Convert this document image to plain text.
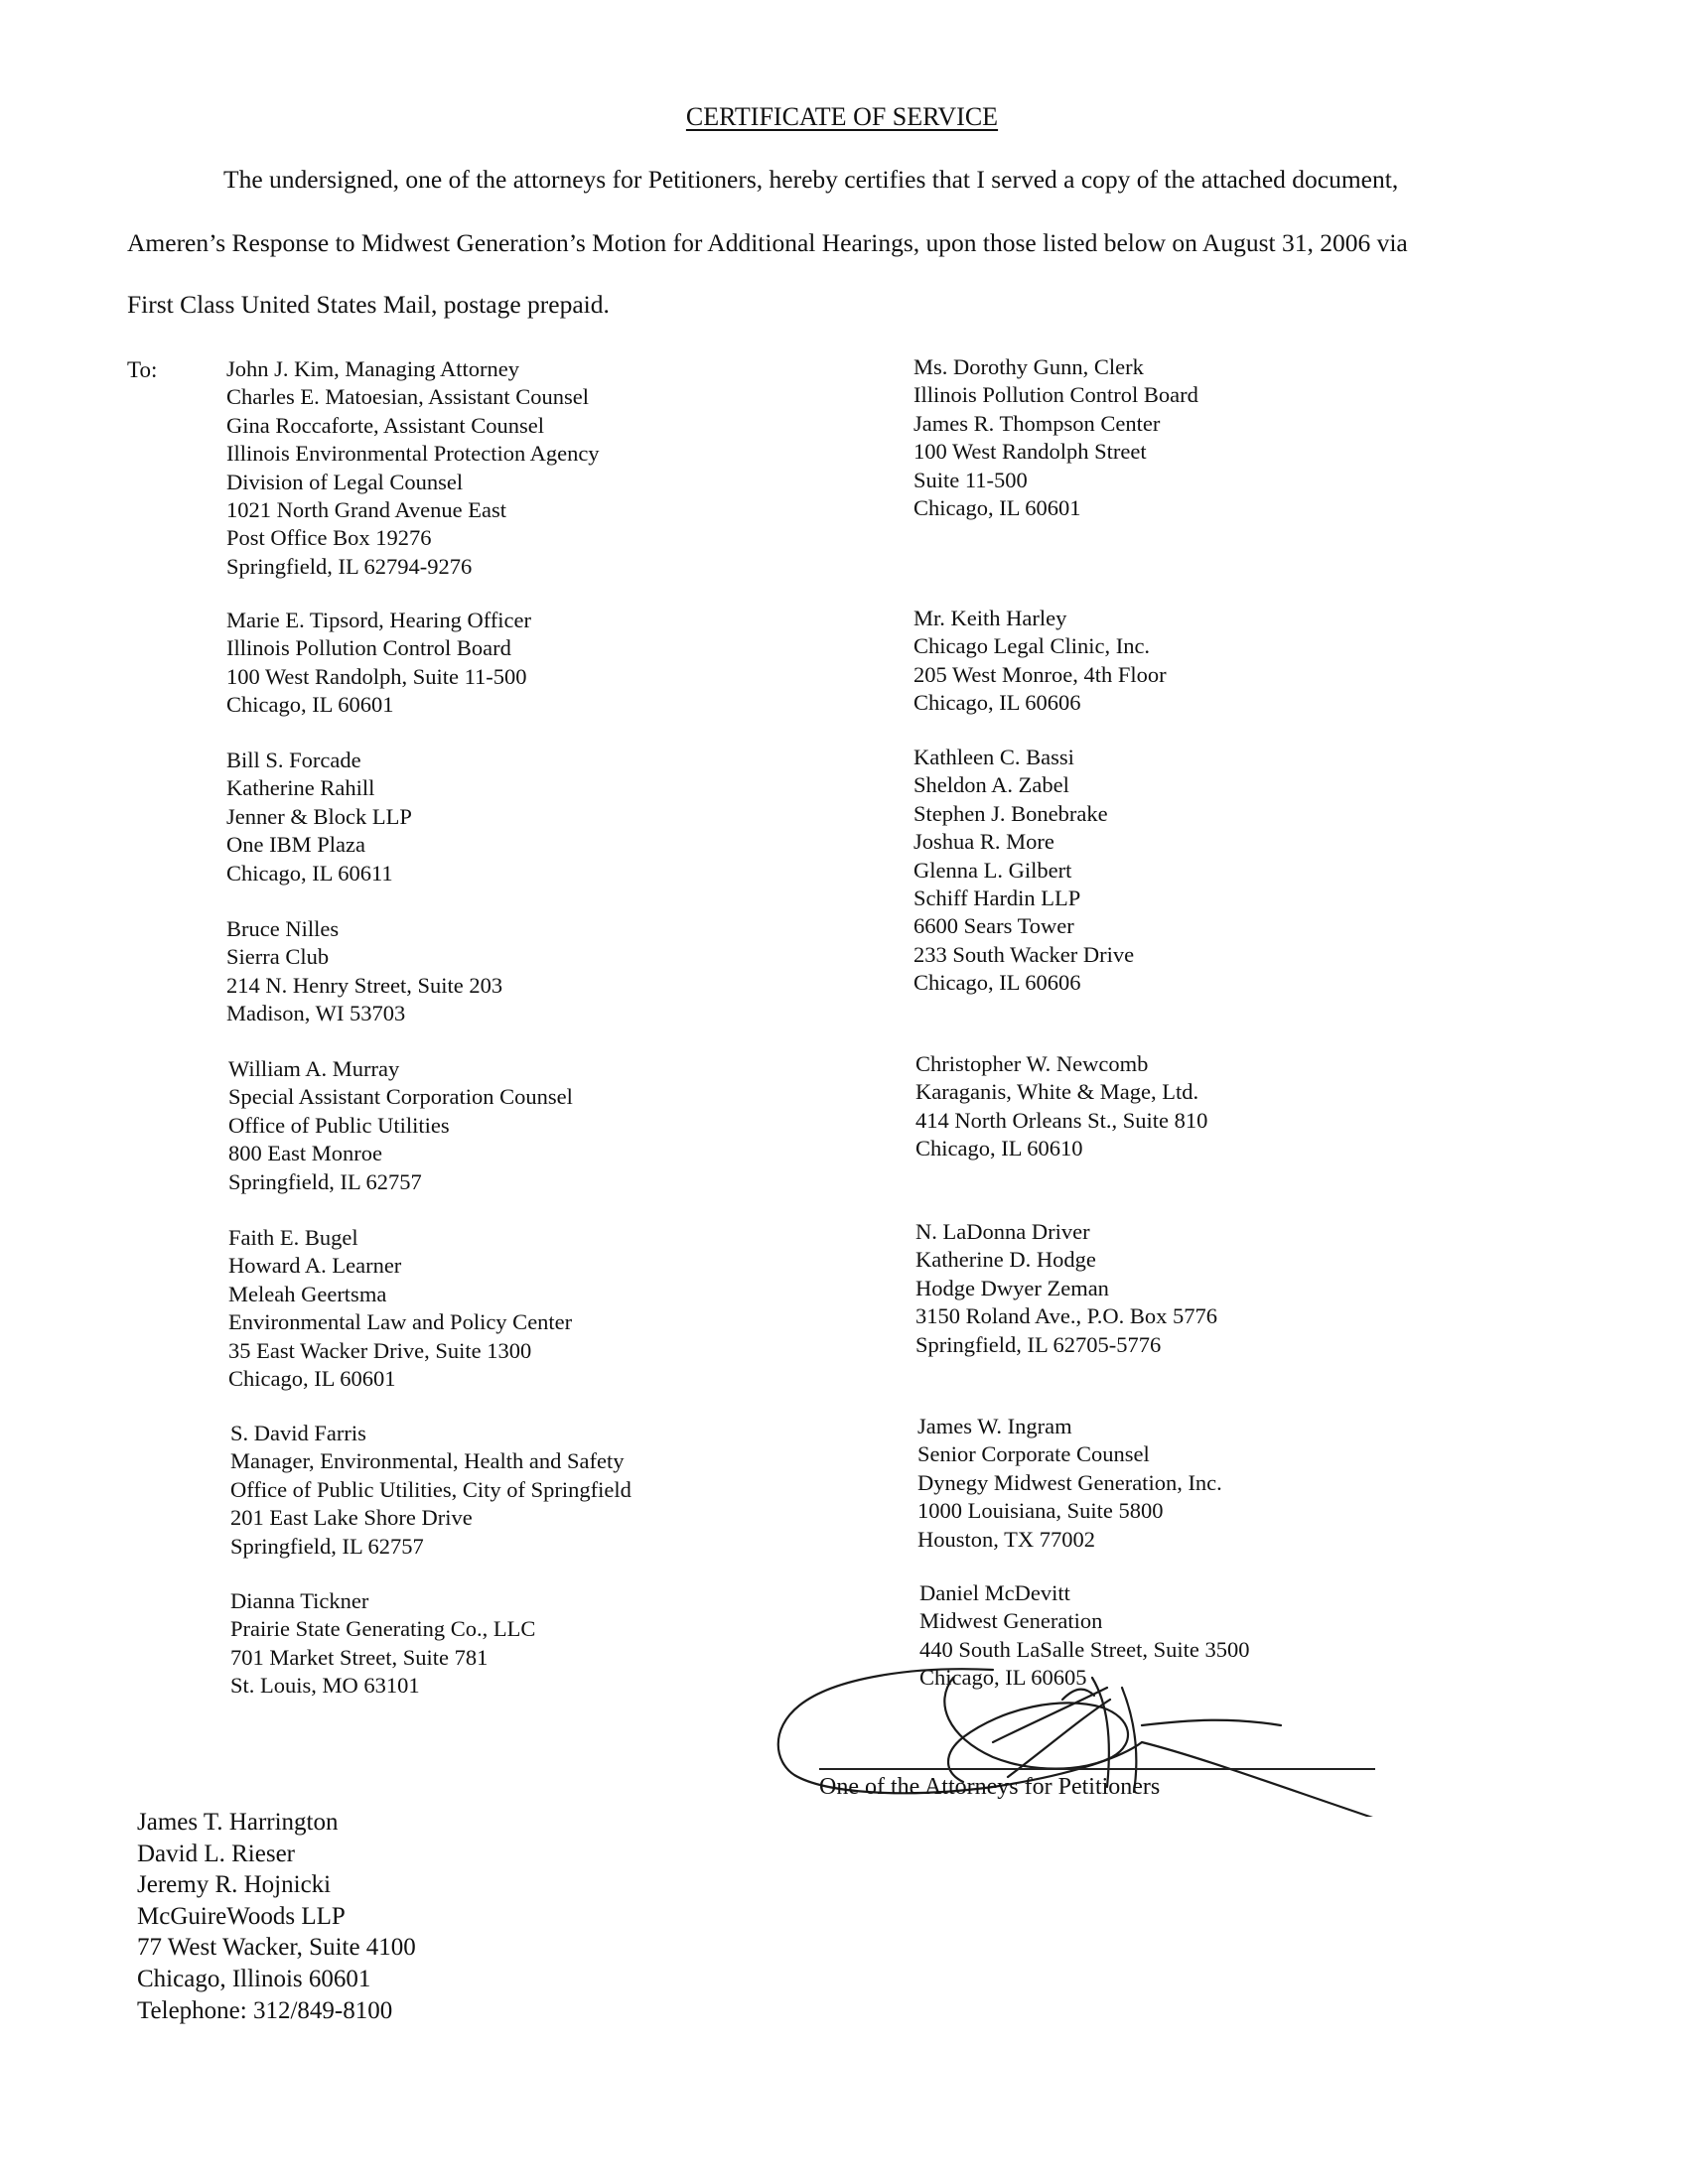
CERTIFICATE OF SERVICE
The undersigned, one of the attorneys for Petitioners, hereby certifies that I served a copy of the attached document,
Ameren’s Response to Midwest Generation’s Motion for Additional Hearings, upon those listed below on August 31, 2006 via
First Class United States Mail, postage prepaid.
To:	John J. Kim, Managing Attorney
Charles E. Matoesian, Assistant Counsel
Gina Roccaforte, Assistant Counsel
Illinois Environmental Protection Agency
Division of Legal Counsel
1021 North Grand Avenue East
Post Office Box 19276
Springfield, IL 62794-9276
Marie E. Tipsord, Hearing Officer
Illinois Pollution Control Board
100 West Randolph, Suite 11-500
Chicago, IL 60601
Bill S. Forcade
Katherine Rahill
Jenner & Block LLP
One IBM Plaza
Chicago, IL 60611
Bruce Nilles
Sierra Club
214 N. Henry Street, Suite 203
Madison, WI 53703
William A. Murray
Special Assistant Corporation Counsel
Office of Public Utilities
800 East Monroe
Springfield, IL 62757
Faith E. Bugel
Howard A. Learner
Meleah Geertsma
Environmental Law and Policy Center
35 East Wacker Drive, Suite 1300
Chicago, IL 60601
S. David Farris
Manager, Environmental, Health and Safety
Office of Public Utilities, City of Springfield
201 East Lake Shore Drive
Springfield, IL 62757
Dianna Tickner
Prairie State Generating Co., LLC
701 Market Street, Suite 781
St. Louis, MO 63101
Ms. Dorothy Gunn, Clerk
Illinois Pollution Control Board
James R. Thompson Center
100 West Randolph Street
Suite 11-500
Chicago, IL 60601
Mr. Keith Harley
Chicago Legal Clinic, Inc.
205 West Monroe, 4th Floor
Chicago, IL 60606
Kathleen C. Bassi
Sheldon A. Zabel
Stephen J. Bonebrake
Joshua R. More
Glenna L. Gilbert
Schiff Hardin LLP
6600 Sears Tower
233 South Wacker Drive
Chicago, IL 60606
Christopher W. Newcomb
Karaganis, White & Mage, Ltd.
414 North Orleans St., Suite 810
Chicago, IL 60610
N. LaDonna Driver
Katherine D. Hodge
Hodge Dwyer Zeman
3150 Roland Ave., P.O. Box 5776
Springfield, IL 62705-5776
James W. Ingram
Senior Corporate Counsel
Dynegy Midwest Generation, Inc.
1000 Louisiana, Suite 5800
Houston, TX 77002
Daniel McDevitt
Midwest Generation
440 South LaSalle Street, Suite 3500
Chicago, IL 60605
One of the Attorneys for Petitioners
James T. Harrington
David L. Rieser
Jeremy R. Hojnicki
McGuireWoods LLP
77 West Wacker, Suite 4100
Chicago, Illinois 60601
Telephone: 312/849-8100
